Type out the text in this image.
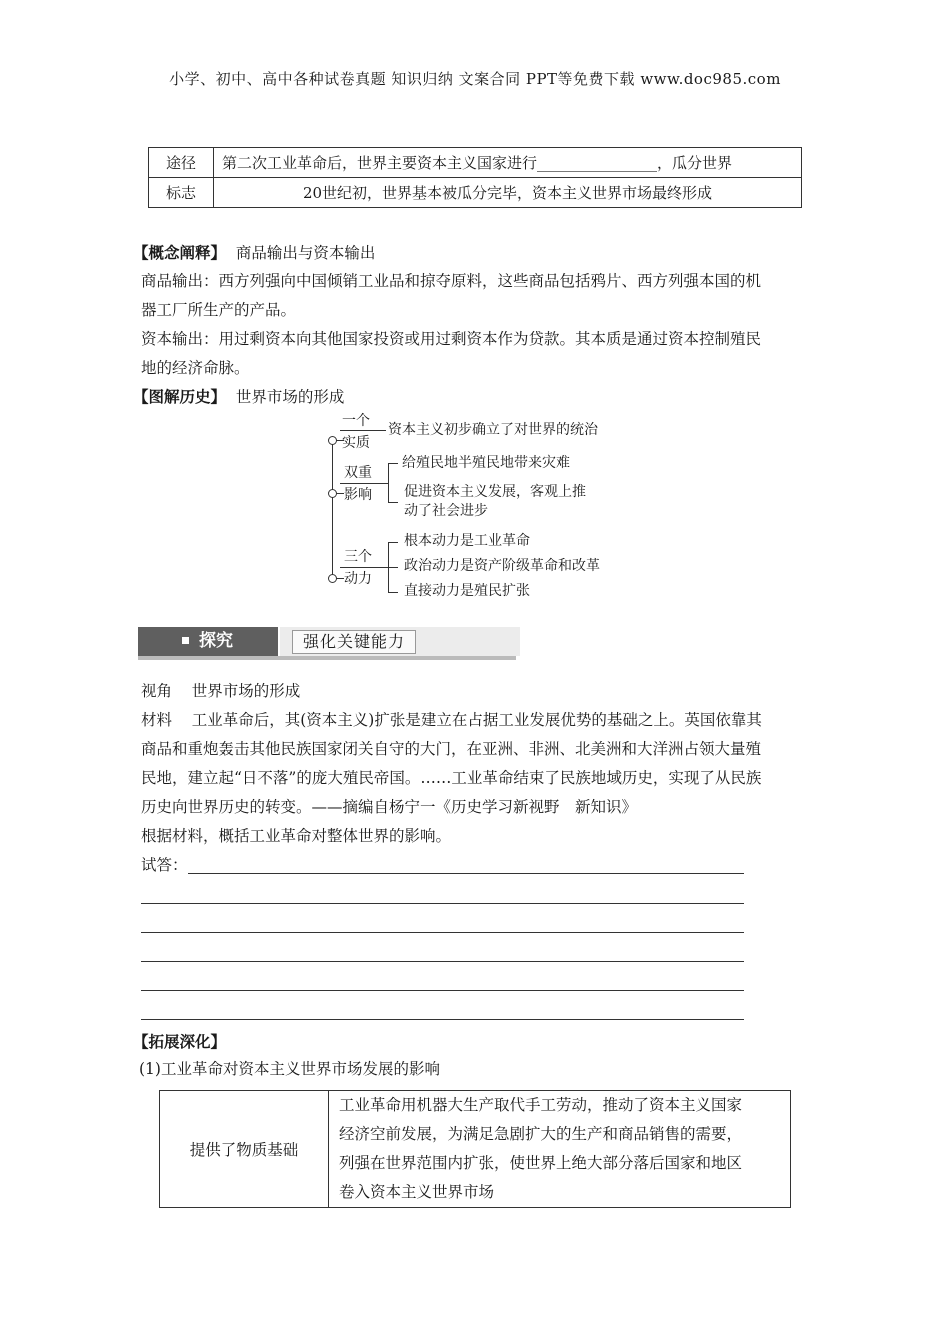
小学、初中、高中各种试卷真题 知识归纳 文案合同 PPT等免费下载 www.doc985.com
途径	第二次工业革命后，世界主要资本主义国家进行________________，瓜分世界
标志	20世纪初，世界基本被瓜分完毕，资本主义世界市场最终形成
【概念阐释】 商品输出与资本输出
商品输出：西方列强向中国倾销工业品和掠夺原料，这些商品包括鸦片、西方列强本国的机
器工厂所生产的产品。
资本输出：用过剩资本向其他国家投资或用过剩资本作为贷款。其本质是通过资本控制殖民
地的经济命脉。
【图解历史】 世界市场的形成
一个
实质
资本主义初步确立了对世界的统治
双重
影响
给殖民地半殖民地带来灾难
促进资本主义发展，客观上推
动了社会进步
三个
动力
根本动力是工业革命
政治动力是资产阶级革命和改革
直接动力是殖民扩张
探究	强化关键能力
视角 世界市场的形成
材料 工业革命后，其(资本主义)扩张是建立在占据工业发展优势的基础之上。英国依靠其
商品和重炮轰击其他民族国家闭关自守的大门，在亚洲、非洲、北美洲和大洋洲占领大量殖
民地，建立起“日不落”的庞大殖民帝国。……工业革命结束了民族地域历史，实现了从民族
历史向世界历史的转变。——摘编自杨宁一《历史学习新视野　新知识》
根据材料，概括工业革命对整体世界的影响。
试答：
【拓展深化】
(1)工业革命对资本主义世界市场发展的影响
提供了物质基础	
工业革命用机器大生产取代手工劳动，推动了资本主义国家
经济空前发展，为满足急剧扩大的生产和商品销售的需要，
列强在世界范围内扩张，使世界上绝大部分落后国家和地区
卷入资本主义世界市场
